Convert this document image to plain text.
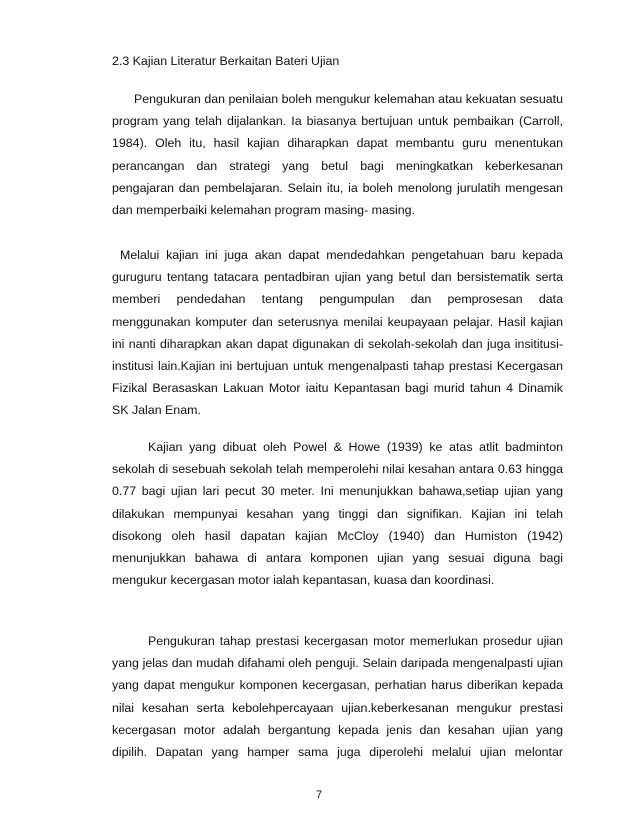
2.3 Kajian Literatur Berkaitan Bateri Ujian

Pengukuran dan penilaian boleh mengukur kelemahan atau kekuatan sesuatu program yang telah dijalankan. Ia biasanya bertujuan untuk pembaikan (Carroll, 1984). Oleh itu, hasil kajian diharapkan dapat membantu guru menentukan perancangan dan strategi yang betul bagi meningkatkan keberkesanan pengajaran dan pembelajaran. Selain itu, ia boleh menolong jurulatih mengesan dan memperbaiki kelemahan program masing- masing.

Melalui kajian ini juga akan dapat mendedahkan pengetahuan baru kepada guruguru tentang tatacara pentadbiran ujian yang betul dan bersistematik serta memberi pendedahan tentang pengumpulan dan pemprosesan data menggunakan komputer dan seterusnya menilai keupayaan pelajar. Hasil kajian ini nanti diharapkan akan dapat digunakan di sekolah-sekolah dan juga insititusi-institusi lain.Kajian ini bertujuan untuk mengenalpasti tahap prestasi Kecergasan Fizikal Berasaskan Lakuan Motor iaitu Kepantasan bagi murid tahun 4 Dinamik SK Jalan Enam.

Kajian yang dibuat oleh Powel & Howe (1939) ke atas atlit badminton sekolah di sesebuah sekolah telah memperolehi nilai kesahan antara 0.63 hingga 0.77 bagi ujian lari pecut 30 meter. Ini menunjukkan bahawa,setiap ujian yang dilakukan mempunyai kesahan yang tinggi dan signifikan. Kajian ini telah disokong oleh hasil dapatan kajian McCloy (1940) dan Humiston (1942) menunjukkan bahawa di antara komponen ujian yang sesuai diguna bagi mengukur kecergasan motor ialah kepantasan, kuasa dan koordinasi.

Pengukuran tahap prestasi kecergasan motor memerlukan prosedur ujian yang jelas dan mudah difahami oleh penguji. Selain daripada mengenalpasti ujian yang dapat mengukur komponen kecergasan, perhatian harus diberikan kepada nilai kesahan serta kebolehpercayaan ujian.keberkesanan mengukur prestasi kecergasan motor adalah bergantung kepada jenis dan kesahan ujian yang dipilih. Dapatan yang hamper sama juga diperolehi melalui ujian melontar

7
